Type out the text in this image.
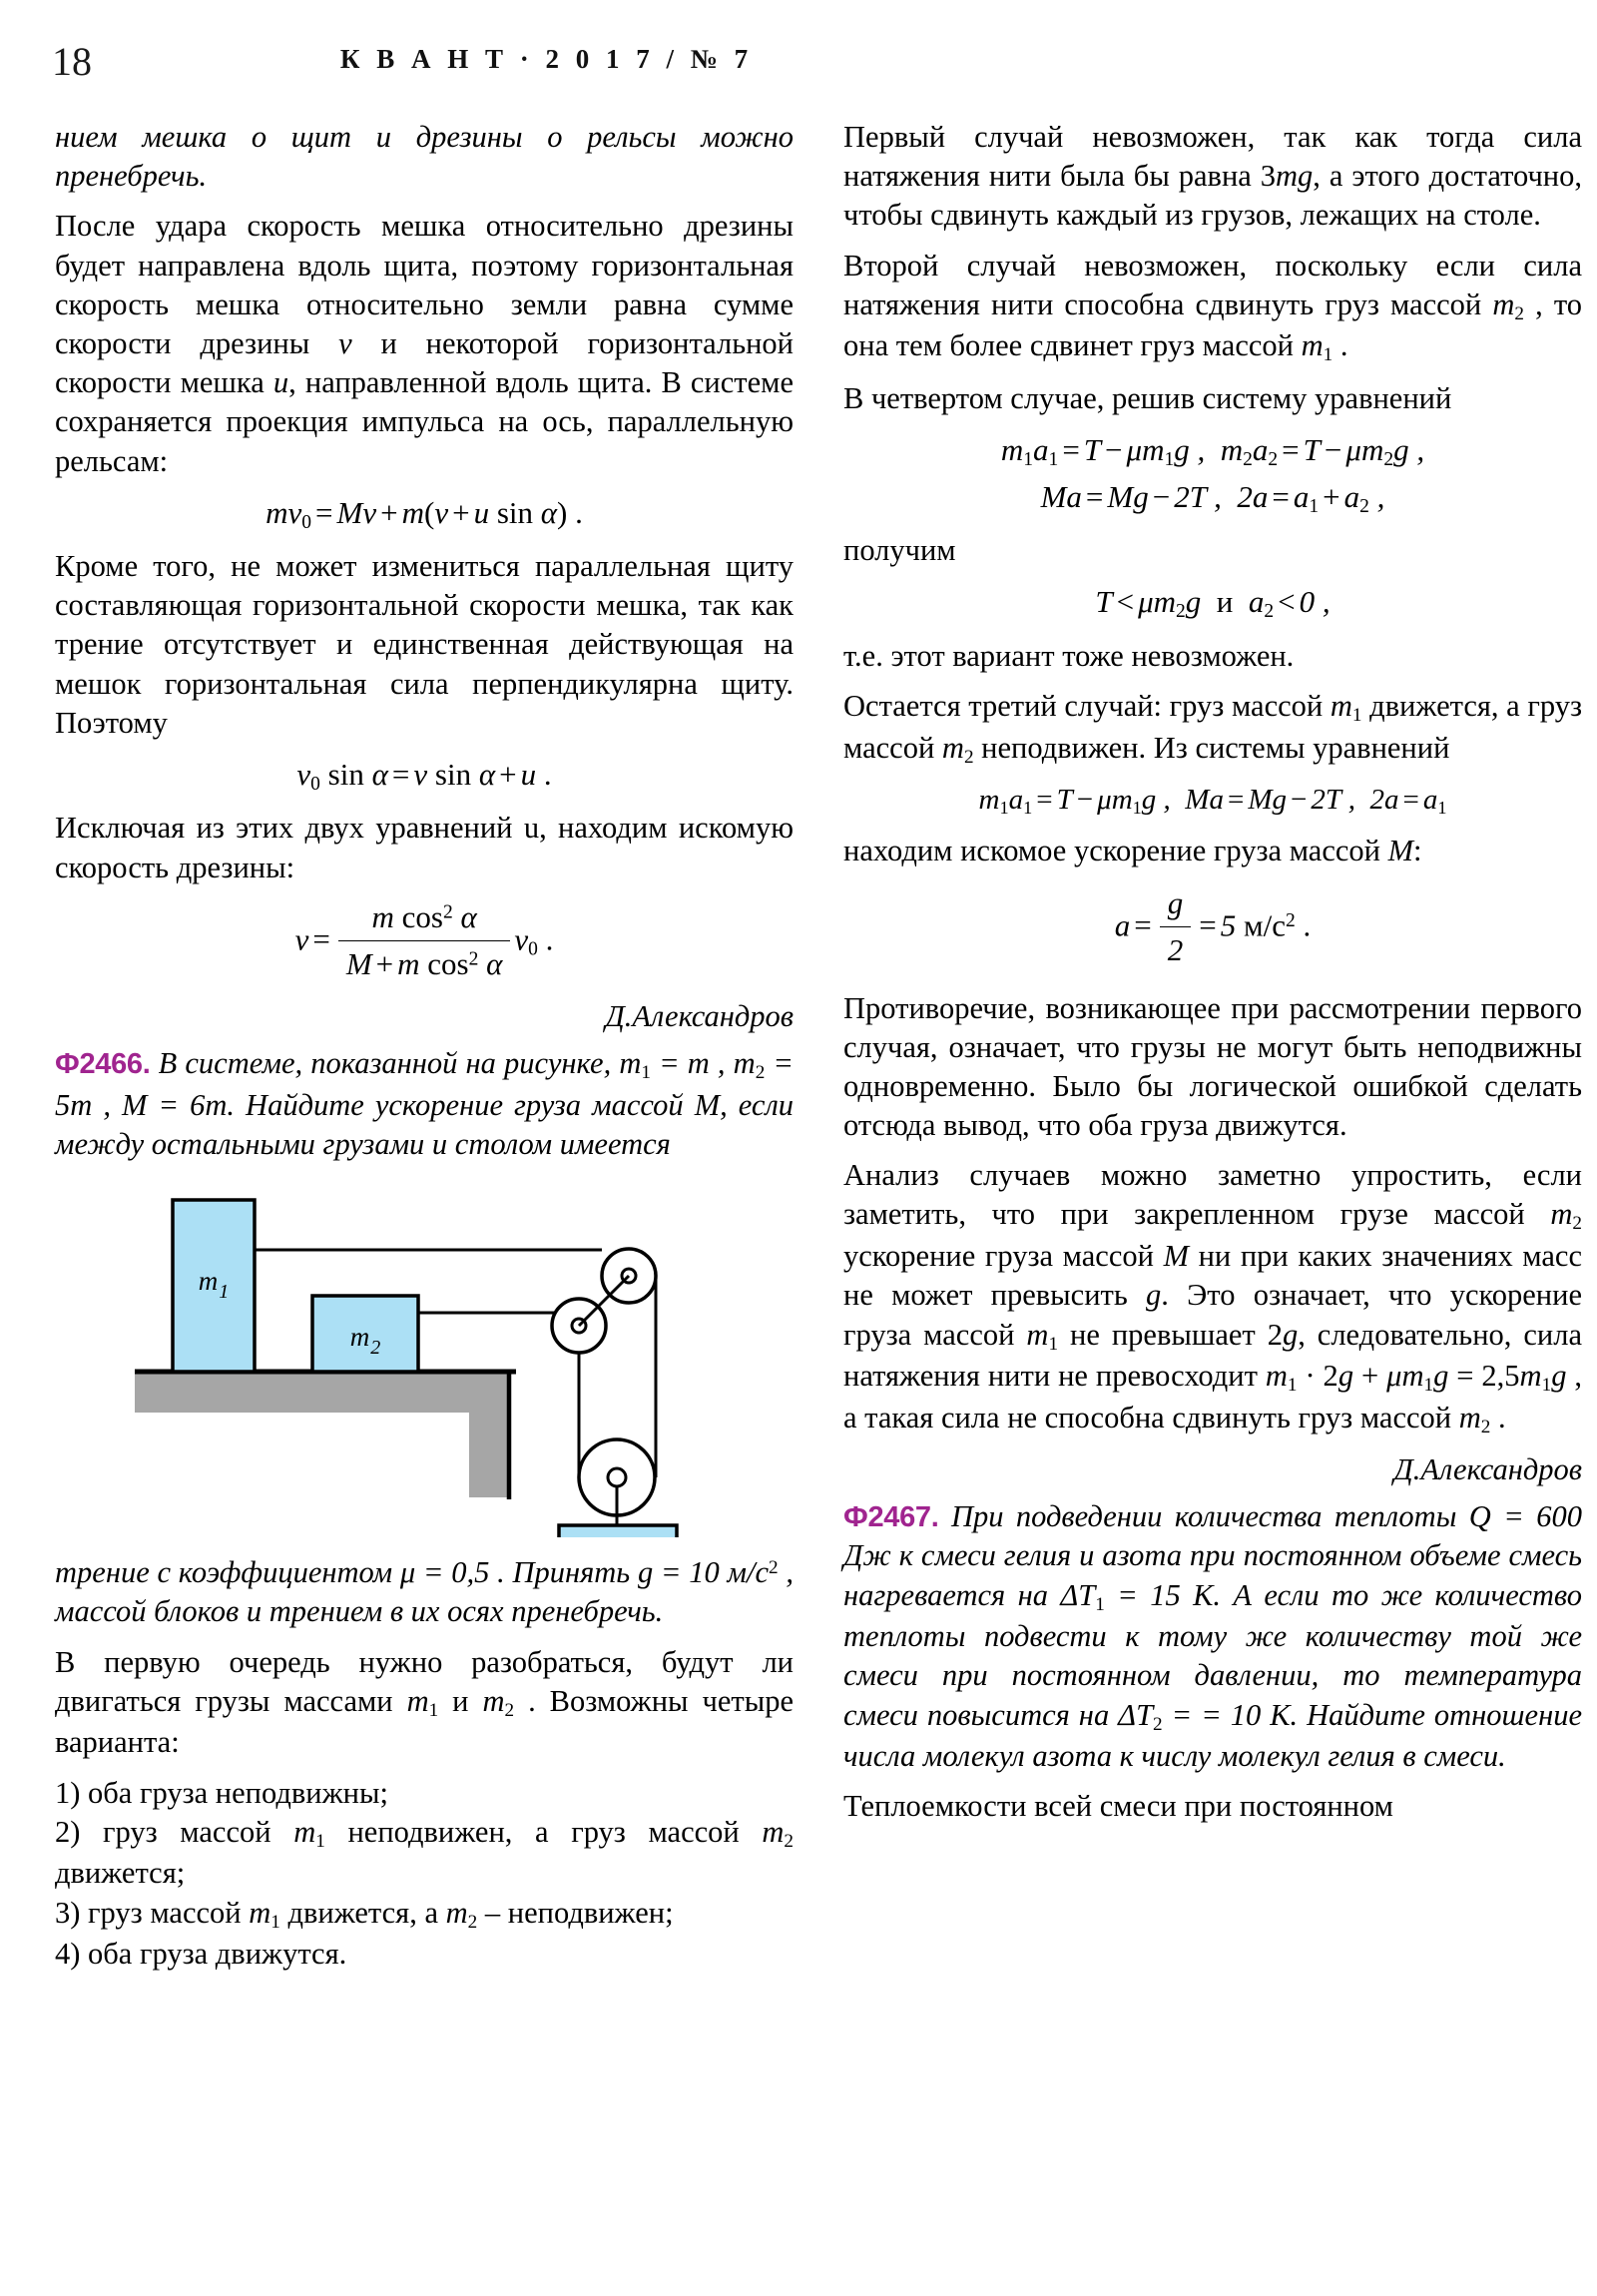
18	К В А Н Т · 2 0 1 7 / № 7

нием мешка о щит и дрезины о рельсы можно пренебречь.

После удара скорость мешка относительно дрезины будет направлена вдоль щита, поэтому горизонтальная скорость мешка относительно земли равна сумме скорости дрезины v и некоторой горизонтальной скорости мешка u, направленной вдоль щита. В системе сохраняется проекция импульса на ось, параллельную рельсам:

$mv_0 = Mv + m(v + u$ sin α) .

Кроме того, не может измениться параллельная щиту составляющая горизонтальной скорости мешка, так как трение отсутствует и единственная действующая на мешок горизонтальная сила перпендикулярна щиту. Поэтому

$v_0$ sin α = v sin α + u .

Исключая из этих двух уравнений u, находим искомую скорость дрезины:

$v = \frac{m \cos^2 \alpha}{M + m \cos^2 \alpha} v_0$ .
Д.Александров

Ф2466. В системе, показанной на рисунке, $m_1 = m$ , $m_2 = 5m$ , M = 6m. Найдите ускорение груза массой M, если между остальными грузами и столом имеется

$m_1$
$m_2$

трение с коэффициентом μ = 0,5 . Принять g = 10 $м/с^2$ , массой блоков и трением в их осях пренебречь.

В первую очередь нужно разобраться, будут ли двигаться грузы массами $m_1$ и $m_2$ . Возможны четыре варианта:

1) оба груза неподвижны;

2) груз массой $m_1$ неподвижен, а груз массой $m_2$ движется;

3) груз массой $m_1$ движется, а $m_2$ – неподвижен;

4) оба груза движутся.

Первый случай невозможен, так как тогда сила натяжения нити была бы равна 3mg, а этого достаточно, чтобы сдвинуть каждый из грузов, лежащих на столе.

Второй случай невозможен, поскольку если сила натяжения нити способна сдвинуть груз массой $m_2$ , то она тем более сдвинет груз массой $m_1$ .

В четвертом случае, решив систему уравнений

$m_1a_1 = T - \mu m_1g$ ,  $m_2a_2 = T - \mu m_2g$ ,
Ma = Mg − 2T ,  $2a = a_1 + a_2$ ,

получим

$T < \mu m_2g$ и $a_2 < 0$ ,

т.е. этот вариант тоже невозможен.

Остается третий случай: груз массой $m_1$ движется, а груз массой $m_2$ неподвижен. Из системы уравнений

$m_1a_1 = T - \mu m_1g$ ,  Ma = Mg − 2T ,  $2a = a_1$

находим искомое ускорение груза массой M:

$a = \frac{g}{2} = 5$ $м/с^2$ .

Противоречие, возникающее при рассмотрении первого случая, означает, что грузы не могут быть неподвижны одновременно. Было бы логической ошибкой сделать отсюда вывод, что оба груза движутся.

Анализ случаев можно заметно упростить, если заметить, что при закрепленном грузе массой $m_2$ ускорение груза массой M ни при каких значениях масс не может превысить g. Это означает, что ускорение груза массой $m_1$ не превышает 2g, следовательно, сила натяжения нити не превосходит $m_1 \cdot 2g + \mu m_1g = 2,5m_1g$ , а такая сила не способна сдвинуть груз массой $m_2$ .

Д.Александров

Ф2467. При подведении количества теплоты Q = 600 Дж к смеси гелия и азота при постоянном объеме смесь нагревается на $\Delta T_1 = 15$ К. А если то же количество теплоты подвести к тому же количеству той же смеси при постоянном давлении, то температура смеси повысится на $\Delta T_2$ = = 10 К. Найдите отношение числа молекул азота к числу молекул гелия в смеси.

Теплоемкости всей смеси при постоянном
